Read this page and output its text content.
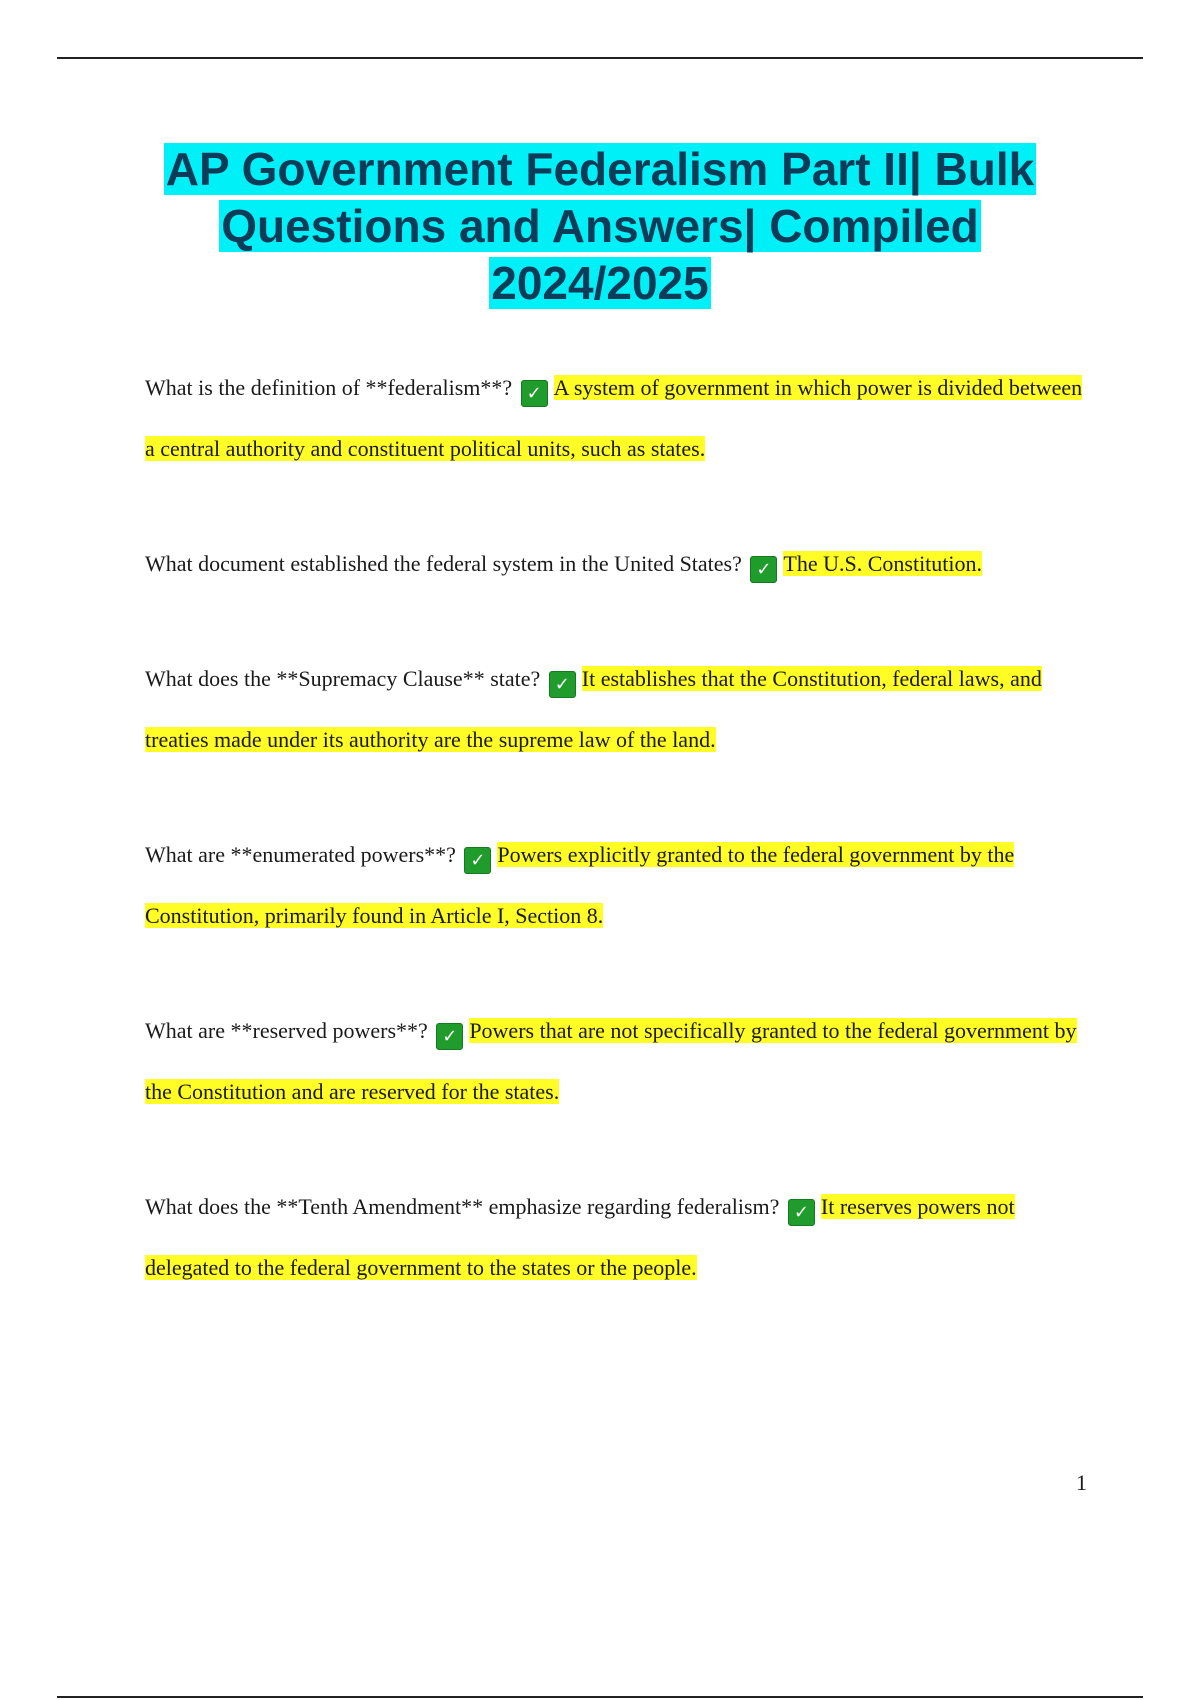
AP Government Federalism Part II| Bulk
Questions and Answers| Compiled
2024/2025

What is the definition of **federalism**? ✓ A system of government in which power is divided between a central authority and constituent political units, such as states.

What document established the federal system in the United States? ✓ The U.S. Constitution.

What does the **Supremacy Clause** state? ✓ It establishes that the Constitution, federal laws, and treaties made under its authority are the supreme law of the land.

What are **enumerated powers**? ✓ Powers explicitly granted to the federal government by the Constitution, primarily found in Article I, Section 8.

What are **reserved powers**? ✓ Powers that are not specifically granted to the federal government by the Constitution and are reserved for the states.

What does the **Tenth Amendment** emphasize regarding federalism? ✓ It reserves powers not delegated to the federal government to the states or the people.

1
